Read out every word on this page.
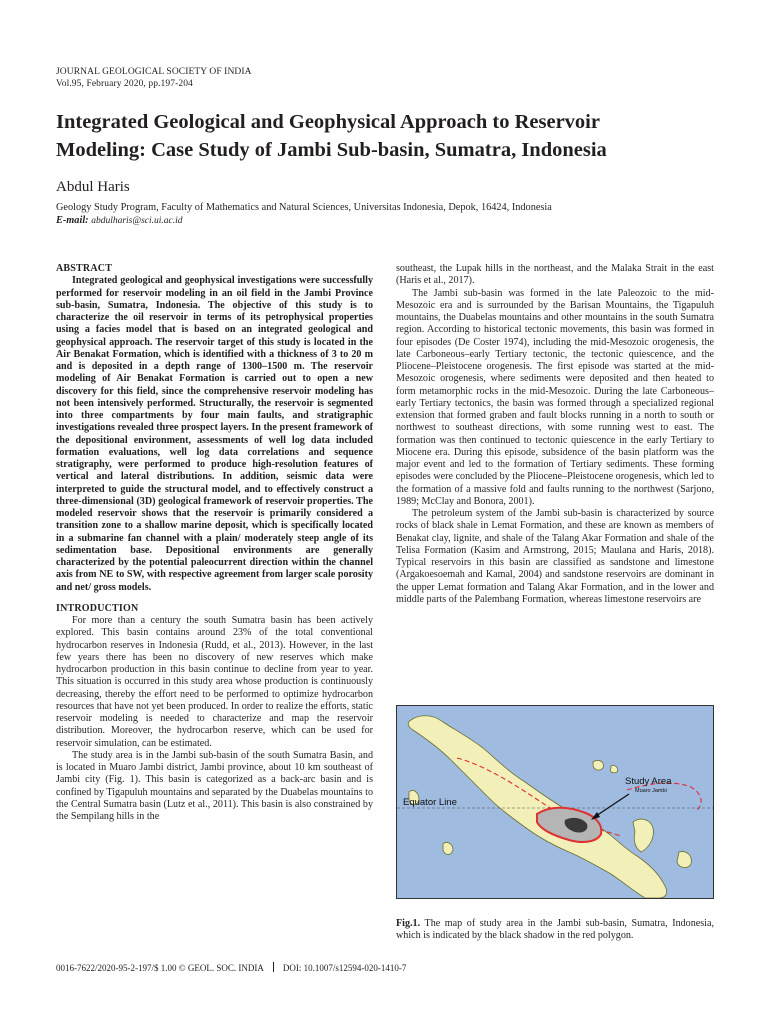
JOURNAL GEOLOGICAL SOCIETY OF INDIA
Vol.95, February 2020, pp.197-204
Integrated Geological and Geophysical Approach to Reservoir
Modeling: Case Study of Jambi Sub-basin, Sumatra, Indonesia
Abdul Haris
Geology Study Program, Faculty of Mathematics and Natural Sciences, Universitas Indonesia, Depok, 16424, Indonesia
E-mail: abdulharis@sci.ui.ac.id

ABSTRACT

Integrated geological and geophysical investigations were successfully performed for reservoir modeling in an oil field in the Jambi Province sub-basin, Sumatra, Indonesia. The objective of this study is to characterize the oil reservoir in terms of its petrophysical properties using a facies model that is based on an integrated geological and geophysical approach. The reservoir target of this study is located in the Air Benakat Formation, which is identified with a thickness of 3 to 20 m and is deposited in a depth range of 1300–1500 m. The reservoir modeling of Air Benakat Formation is carried out to open a new discovery for this field, since the comprehensive reservoir modeling has not been intensively performed. Structurally, the reservoir is segmented into three compartments by four main faults, and stratigraphic investigations revealed three prospect layers. In the present framework of the depositional environment, assessments of well log data included formation evaluations, well log data correlations and sequence stratigraphy, were performed to produce high-resolution features of vertical and lateral distributions. In addition, seismic data were interpreted to guide the structural model, and to effectively construct a three-dimensional (3D) geological framework of reservoir properties. The modeled reservoir shows that the reservoir is primarily considered a transition zone to a shallow marine deposit, which is specifically located in a submarine fan channel with a plain/ moderately steep angle of its sedimentation base. Depositional environments are generally characterized by the potential paleocurrent direction within the channel axis from NE to SW, with respective agreement from larger scale porosity and net/ gross models.

INTRODUCTION

For more than a century the south Sumatra basin has been actively explored. This basin contains around 23% of the total conventional hydrocarbon reserves in Indonesia (Rudd, et al., 2013). However, in the last few years there has been no discovery of new reserves which make hydrocarbon production in this basin continue to decline from year to year. This situation is occurred in this study area whose production is continuously decreasing, thereby the effort need to be performed to optimize hydrocarbon resources that have not yet been produced. In order to realize the efforts, static reservoir modeling is needed to characterize and map the reservoir distribution. Moreover, the hydrocarbon reserve, which can be used for reservoir simulation, can be estimated.

The study area is in the Jambi sub-basin of the south Sumatra Basin, and is located in Muaro Jambi district, Jambi province, about 10 km southeast of Jambi city (Fig. 1). This basin is categorized as a back-arc basin and is confined by Tigapuluh mountains and separated by the Duabelas mountains to the Central Sumatra basin (Lutz et al., 2011). This basin is also constrained by the Sempilang hills in the

southeast, the Lupak hills in the northeast, and the Malaka Strait in the east (Haris et al., 2017).

The Jambi sub-basin was formed in the late Paleozoic to the mid-Mesozoic era and is surrounded by the Barisan Mountains, the Tigapuluh mountains, the Duabelas mountains and other mountains in the south Sumatra region. According to historical tectonic movements, this basin was formed in four episodes (De Coster 1974), including the mid-Mesozoic orogenesis, the late Carboneous–early Tertiary tectonic, the tectonic quiescence, and the Pliocene–Pleistocene orogenesis. The first episode was started at the mid-Mesozoic orogenesis, where sediments were deposited and then heated to form metamorphic rocks in the mid-Mesozoic. During the late Carboneous–early Tertiary tectonics, the basin was formed through a specialized regional extension that formed graben and fault blocks running in a north to south or northwest to southeast directions, with some running west to east. The formation was then continued to tectonic quiescence in the early Tertiary to Miocene era. During this episode, subsidence of the basin platform was the major event and led to the formation of Tertiary sediments. These forming episodes were concluded by the Pliocene–Pleistocene orogenesis, which led to the formation of a massive fold and faults running to the northwest (Sarjono, 1989; McClay and Bonora, 2001).

The petroleum system of the Jambi sub-basin is characterized by source rocks of black shale in Lemat Formation, and these are known as members of Benakat clay, lignite, and shale of the Talang Akar Formation and shale of the Telisa Formation (Kasim and Armstrong, 2015; Maulana and Haris, 2018). Typical reservoirs in this basin are classified as sandstone and limestone (Argakoesoemah and Kamal, 2004) and sandstone reservoirs are dominant in the upper Lemat formation and Talang Akar Formation, and in the lower and middle parts of the Palembang Formation, whereas limestone reservoirs are

Study Area
Muaro Jambi
Equator Line
Fig.1. The map of study area in the Jambi sub-basin, Sumatra, Indonesia, which is indicated by the black shadow in the red polygon.
0016-7622/2020-95-2-197/$ 1.00 © GEOL. SOC. INDIA DOI: 10.1007/s12594-020-1410-7
